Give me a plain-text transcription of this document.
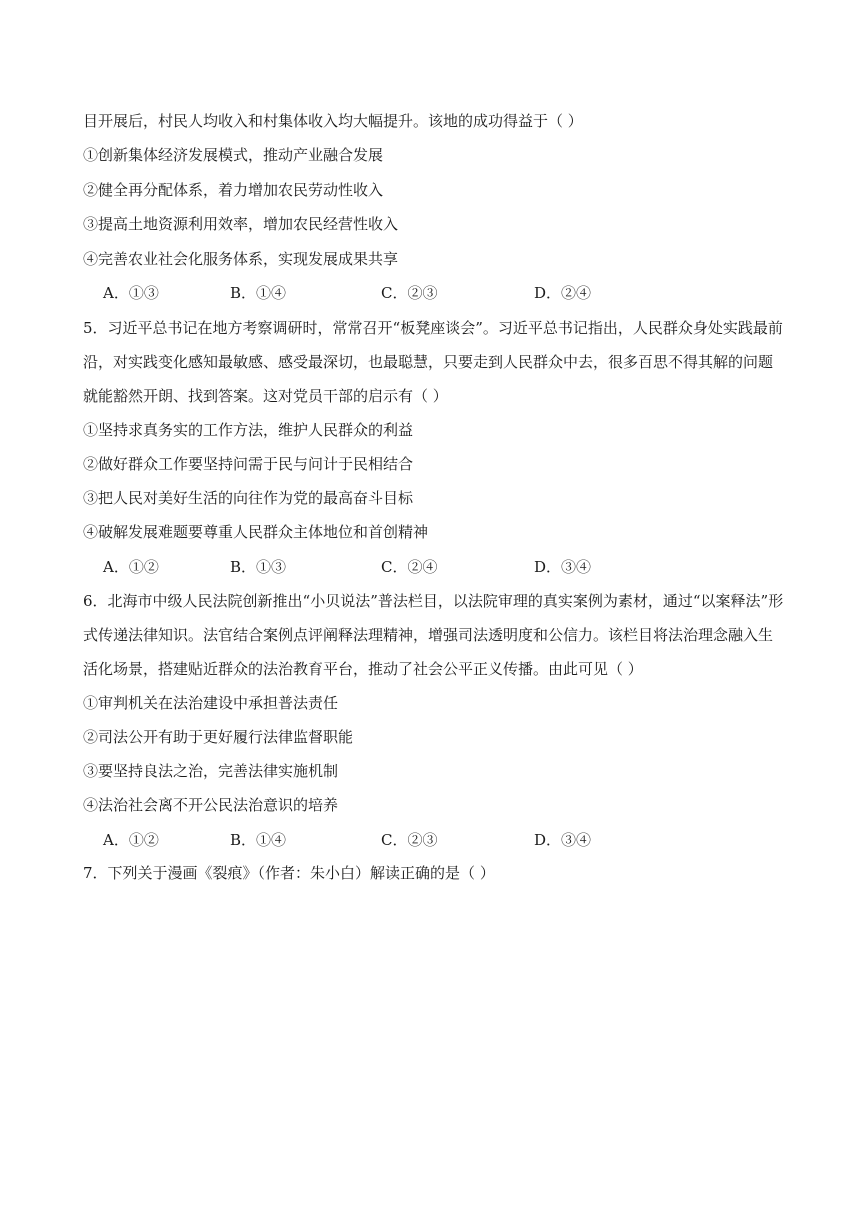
目开展后，村民人均收入和村集体收入均大幅提升。该地的成功得益于（ ）
①创新集体经济发展模式，推动产业融合发展
②健全再分配体系，着力增加农民劳动性收入
③提高土地资源利用效率，增加农民经营性收入
④完善农业社会化服务体系，实现发展成果共享
A．①③	B．①④	C．②③	D．②④
5．习近平总书记在地方考察调研时，常常召开“板凳座谈会”。习近平总书记指出，人民群众身处实践最前
沿，对实践变化感知最敏感、感受最深切，也最聪慧，只要走到人民群众中去，很多百思不得其解的问题
就能豁然开朗、找到答案。这对党员干部的启示有（ ）
①坚持求真务实的工作方法，维护人民群众的利益
②做好群众工作要坚持问需于民与问计于民相结合
③把人民对美好生活的向往作为党的最高奋斗目标
④破解发展难题要尊重人民群众主体地位和首创精神
A．①②	B．①③	C．②④	D．③④
6．北海市中级人民法院创新推出“小贝说法”普法栏目，以法院审理的真实案例为素材，通过“以案释法”形
式传递法律知识。法官结合案例点评阐释法理精神，增强司法透明度和公信力。该栏目将法治理念融入生
活化场景，搭建贴近群众的法治教育平台，推动了社会公平正义传播。由此可见（ ）
①审判机关在法治建设中承担普法责任
②司法公开有助于更好履行法律监督职能
③要坚持良法之治，完善法律实施机制
④法治社会离不开公民法治意识的培养
A．①②	B．①④	C．②③	D．③④
7．下列关于漫画《裂痕》（作者：朱小白）解读正确的是（ ）
